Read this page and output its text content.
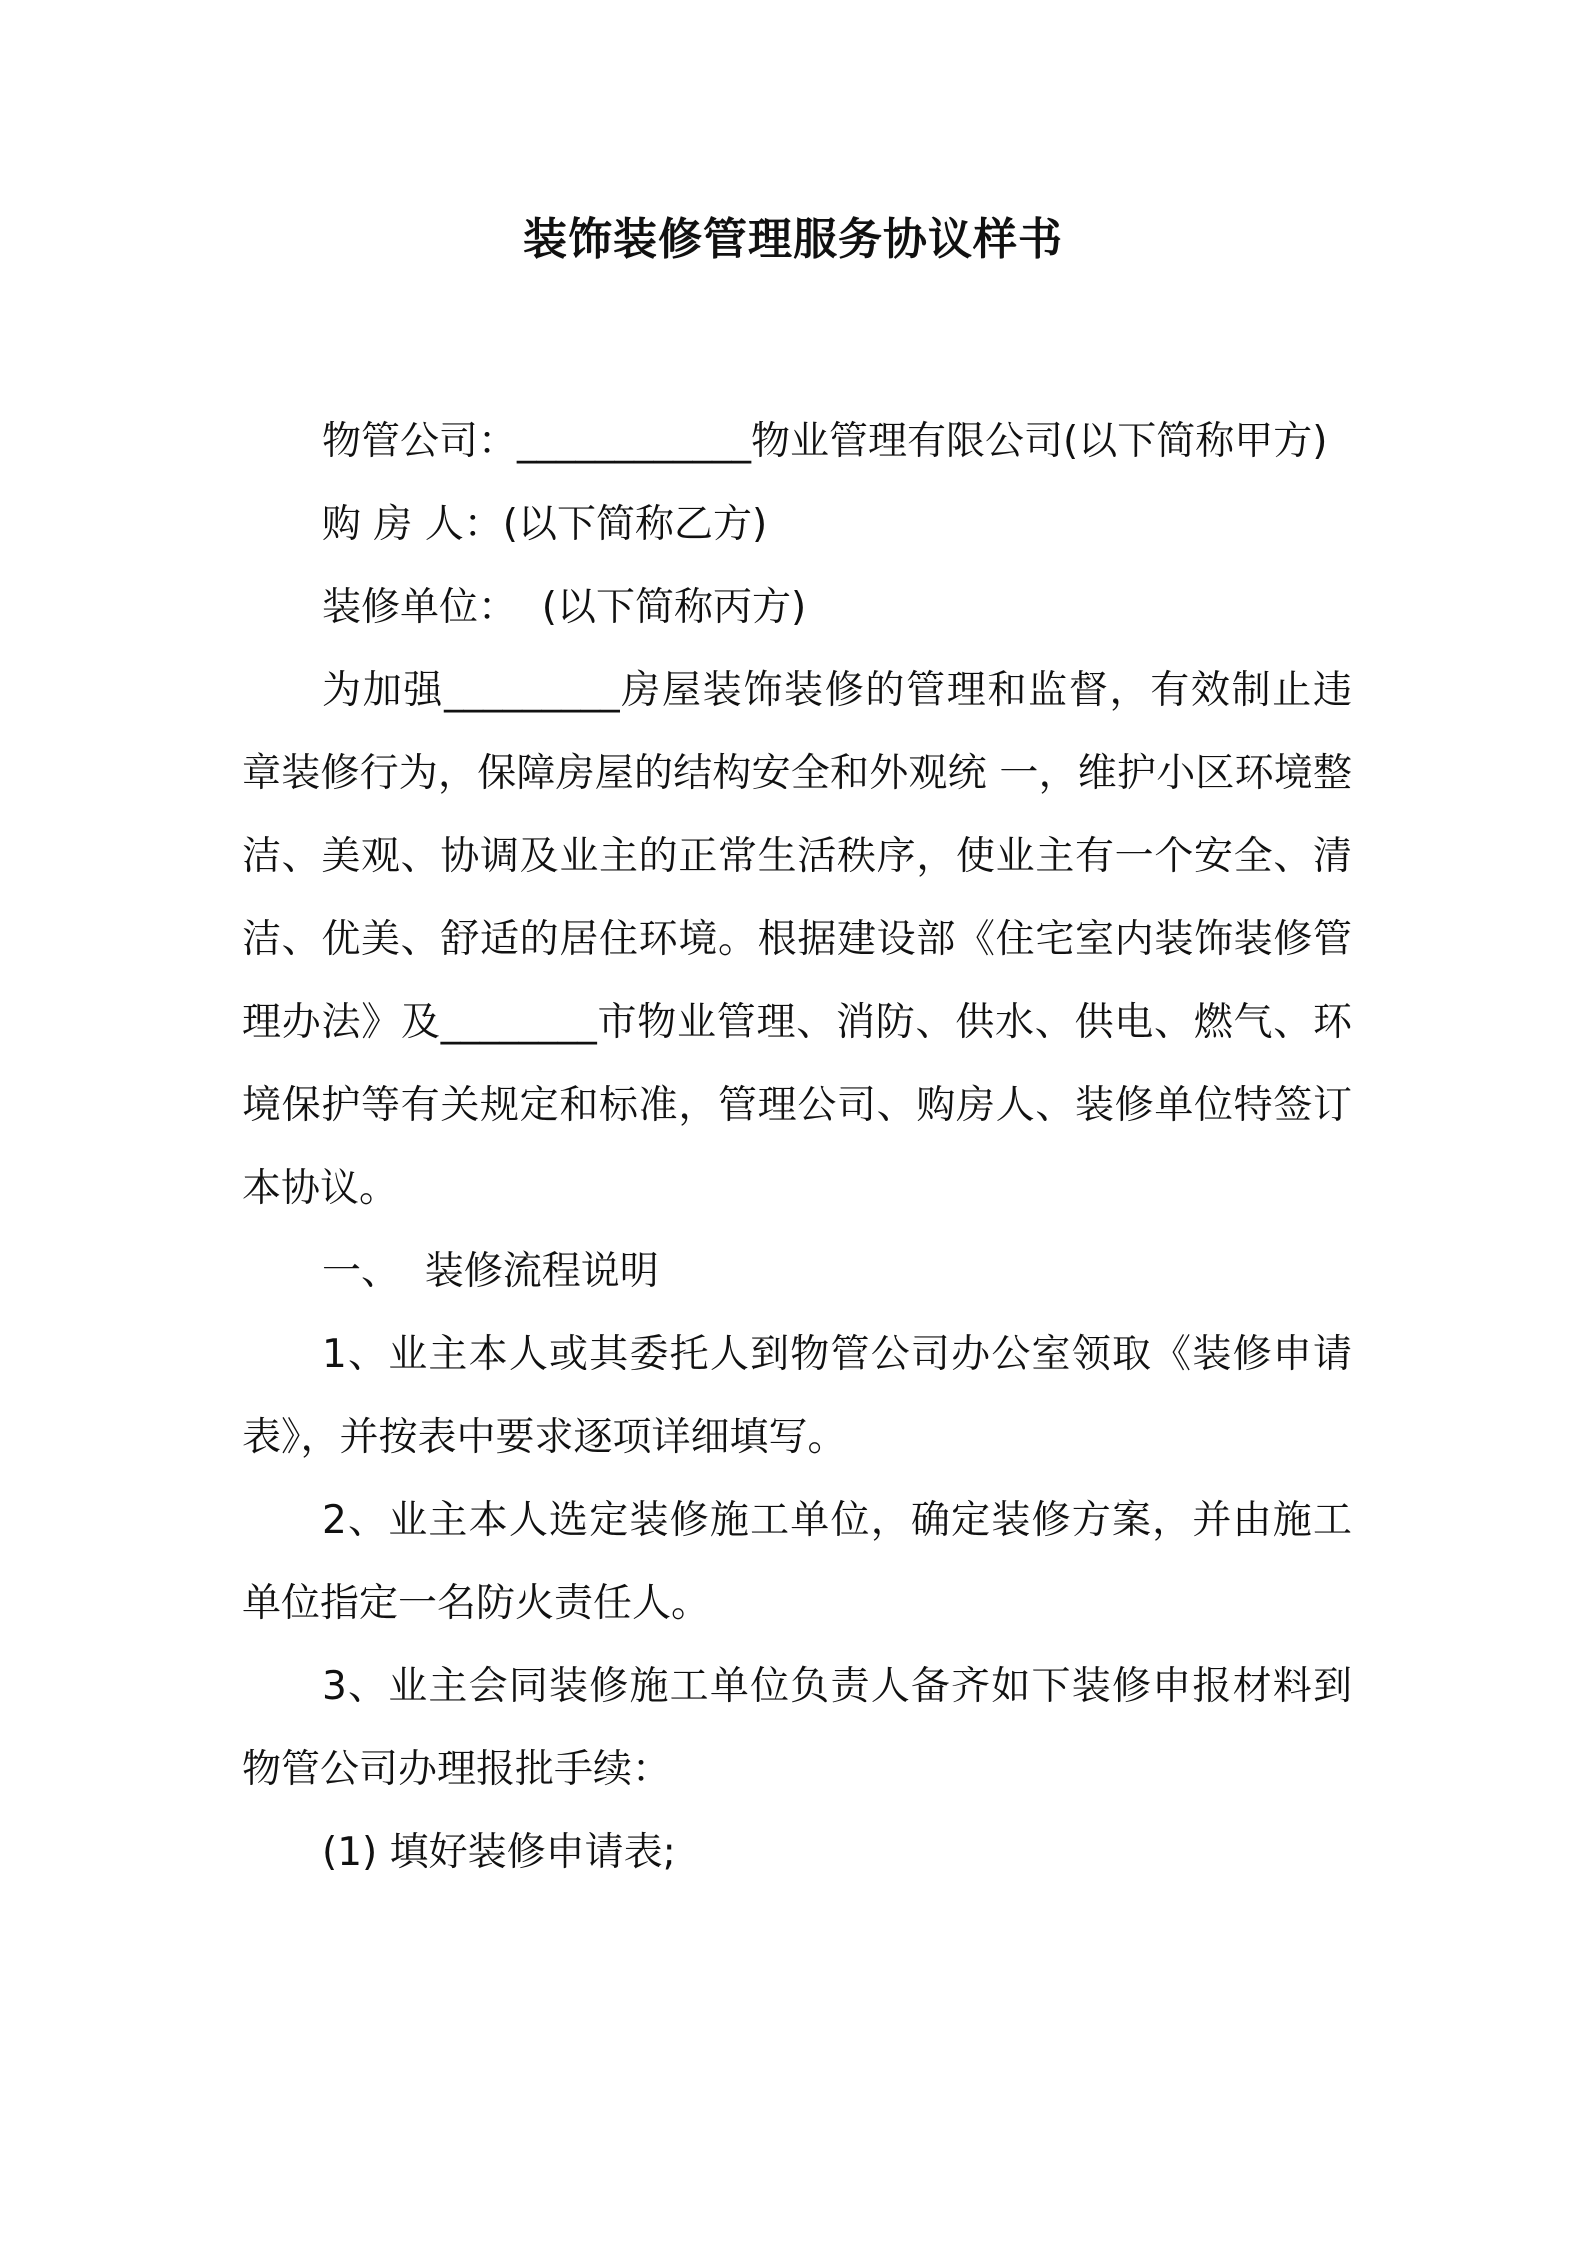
装饰装修管理服务协议样书

物管公司：____________物业管理有限公司(以下简称甲方)

购 房 人：(以下简称乙方)

装修单位：  (以下简称丙方)

为加强_________房屋装饰装修的管理和监督，有效制止违章装修行为，保障房屋的结构安全和外观统 一，维护小区环境整洁、美观、协调及业主的正常生活秩序，使业主有一个安全、清洁、优美、舒适的居住环境。根据建设部《住宅室内装饰装修管理办法》及________市物业管理、消防、供水、供电、燃气、环境保护等有关规定和标准，管理公司、购房人、装修单位特签订本协议。

一、  装修流程说明

1、业主本人或其委托人到物管公司办公室领取《装修申请表》，并按表中要求逐项详细填写。

2、业主本人选定装修施工单位，确定装修方案，并由施工单位指定一名防火责任人。

3、业主会同装修施工单位负责人备齐如下装修申报材料到物管公司办理报批手续：

(1) 填好装修申请表;
